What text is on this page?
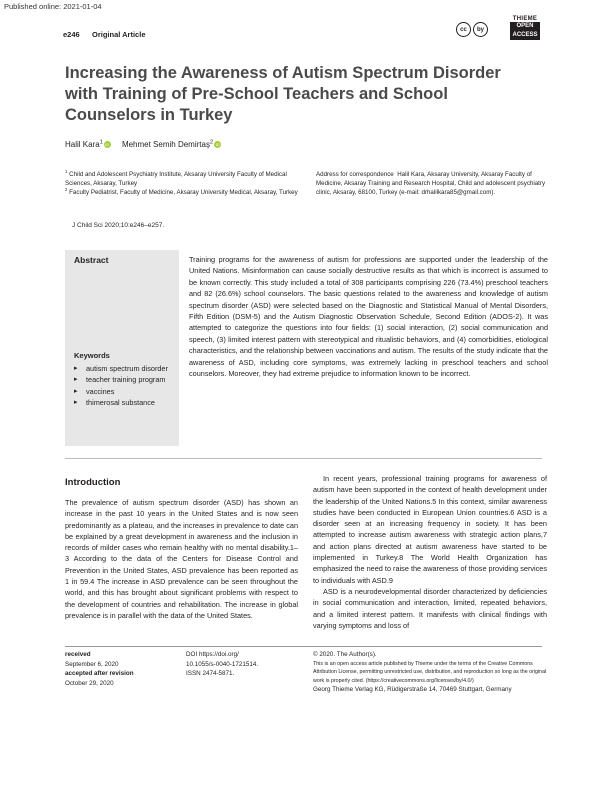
Published online: 2021-01-04
e246 Original Article
cc	by
THIEME
OPEN
ACCESS
Increasing the Awareness of Autism Spectrum Disorder with Training of Pre-School Teachers and School Counselors in Turkey
Halil Kara$^1$ iD Mehmet Semih Demirtaş$^2$ iD
$^1$ Child and Adolescent Psychiatry Institute, Aksaray University Faculty of Medical Sciences, Aksaray, Turkey
$^2$ Faculty Pediatrist, Faculty of Medicine, Aksaray University Medical, Aksaray, Turkey
Address for correspondence Halil Kara, Aksaray University, Aksaray Faculty of Medicine, Aksaray Training and Research Hospital, Child and adolescent psychiatry clinic, Aksaray, 68100, Turkey (e-mail: drhalilkara85@gmail.com).
J Child Sci 2020;10:e246–e257.
Abstract	Training programs for the awareness of autism for professions are supported under the leadership of the United Nations. Misinformation can cause socially destructive results as that which is incorrect is assumed to be known correctly. This study included a total of 308 participants comprising 226 (73.4%) preschool teachers and 82 (26.6%) school counselors. The basic questions related to the awareness and knowledge of autism spectrum disorder (ASD) were selected based on the Diagnostic and Statistical Manual of Mental Disorders, Fifth Edition (DSM-5) and the Autism Diagnostic Observation Schedule, Second Edition (ADOS-2). It was attempted to categorize the questions into four fields: (1) social interaction, (2) social communication and speech, (3) limited interest pattern with stereotypical and ritualistic behaviors, and (4) comorbidities, etiological characteristics, and the relationship between vaccinations and autism. The results of the study indicate that the awareness of ASD, including core symptoms, was extremely lacking in preschool teachers and school counselors. Moreover, they had extreme prejudice to information known to be incorrect.
Keywords
▸ autism spectrum disorder
▸ teacher training program
▸ vaccines
▸ thimerosal substance
Introduction

The prevalence of autism spectrum disorder (ASD) has shown an increase in the past 10 years in the United States and is now seen predominantly as a plateau, and the increases in prevalence to date can be explained by a great development in awareness and the inclusion in records of milder cases who remain healthy with no mental disability.1–3 According to the data of the Centers for Disease Control and Prevention in the United States, ASD prevalence has been reported as 1 in 59.4 The increase in ASD prevalence can be seen throughout the world, and this has brought about significant problems with respect to the development of countries and rehabilitation. The increase in global prevalence is in parallel with the data of the United States.

In recent years, professional training programs for awareness of autism have been supported in the context of health development under the leadership of the United Nations.5 In this context, similar awareness studies have been conducted in European Union countries.6 ASD is a disorder seen at an increasing frequency in society. It has been attempted to increase autism awareness with strategic action plans,7 and action plans directed at autism awareness have started to be implemented in Turkey.8 The World Health Organization has emphasized the need to raise the awareness of those providing services to individuals with ASD.9

ASD is a neurodevelopmental disorder characterized by deficiencies in social communication and interaction, limited, repeated behaviors, and a limited interest pattern. It manifests with clinical findings with varying symptoms and loss of

received
September 6, 2020
accepted after revision
October 29, 2020
DOI https://doi.org/
10.1055/s-0040-1721514.
ISSN 2474-5871.
© 2020. The Author(s).
This is an open access article published by Thieme under the terms of the Creative Commons Attribution License, permitting unrestricted use, distribution, and reproduction so long as the original work is properly cited. (https://creativecommons.org/licenses/by/4.0/)
Georg Thieme Verlag KG, Rüdigerstraße 14, 70469 Stuttgart, Germany
